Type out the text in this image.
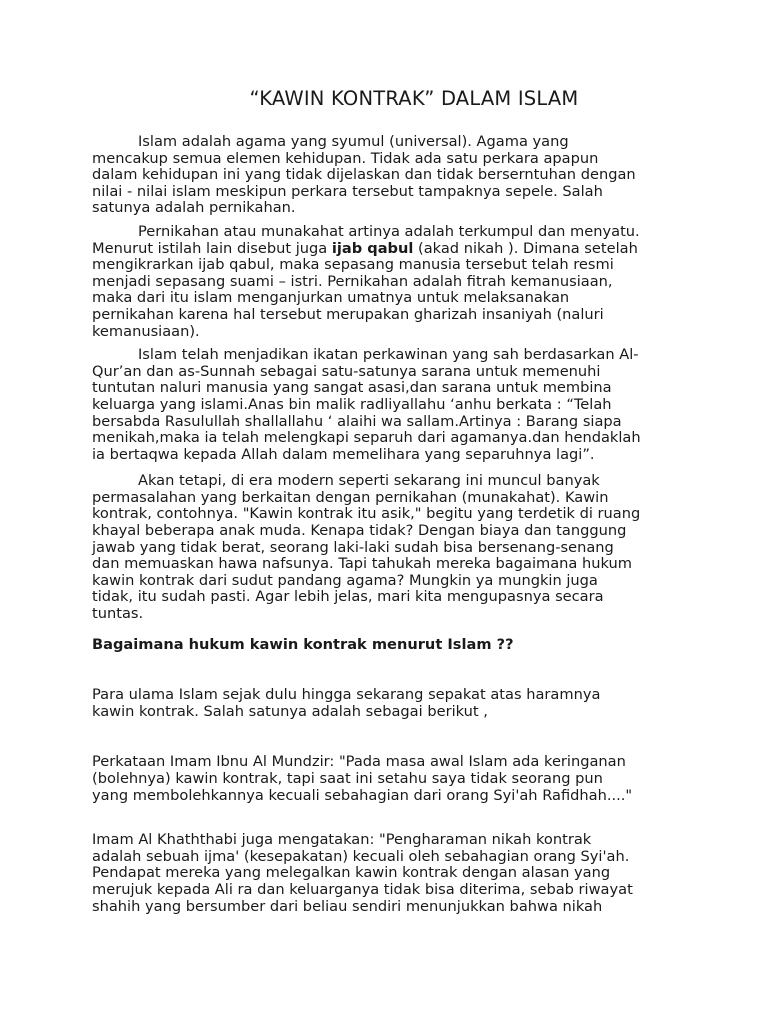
“KAWIN KONTRAK” DALAM ISLAM

Islam adalah agama yang syumul (universal). Agama yang
mencakup semua elemen kehidupan. Tidak ada satu perkara apapun
dalam kehidupan ini yang tidak dijelaskan dan tidak berserntuhan dengan
nilai - nilai islam meskipun perkara tersebut tampaknya sepele. Salah
satunya adalah pernikahan.

Pernikahan atau munakahat artinya adalah terkumpul dan menyatu.
Menurut istilah lain disebut juga ijab qabul (akad nikah ). Dimana setelah
mengikrarkan ijab qabul, maka sepasang manusia tersebut telah resmi
menjadi sepasang suami – istri. Pernikahan adalah fitrah kemanusiaan,
maka dari itu islam menganjurkan umatnya untuk melaksanakan
pernikahan karena hal tersebut merupakan gharizah insaniyah (naluri
kemanusiaan).

Islam telah menjadikan ikatan perkawinan yang sah berdasarkan Al-
Qur’an dan as-Sunnah sebagai satu-satunya sarana untuk memenuhi
tuntutan naluri manusia yang sangat asasi,dan sarana untuk membina
keluarga yang islami.Anas bin malik radliyallahu ‘anhu berkata : “Telah
bersabda Rasulullah shallallahu ‘ alaihi wa sallam.Artinya : Barang siapa
menikah,maka ia telah melengkapi separuh dari agamanya.dan hendaklah
ia bertaqwa kepada Allah dalam memelihara yang separuhnya lagi”.

Akan tetapi, di era modern seperti sekarang ini muncul banyak
permasalahan yang berkaitan dengan pernikahan (munakahat). Kawin
kontrak, contohnya. "Kawin kontrak itu asik," begitu yang terdetik di ruang
khayal beberapa anak muda. Kenapa tidak? Dengan biaya dan tanggung
jawab yang tidak berat, seorang laki-laki sudah bisa bersenang-senang
dan memuaskan hawa nafsunya. Tapi tahukah mereka bagaimana hukum
kawin kontrak dari sudut pandang agama? Mungkin ya mungkin juga
tidak, itu sudah pasti. Agar lebih jelas, mari kita mengupasnya secara
tuntas.

Bagaimana hukum kawin kontrak menurut Islam ??

Para ulama Islam sejak dulu hingga sekarang sepakat atas haramnya
kawin kontrak. Salah satunya adalah sebagai berikut ,

Perkataan Imam Ibnu Al Mundzir: "Pada masa awal Islam ada keringanan
(bolehnya) kawin kontrak, tapi saat ini setahu saya tidak seorang pun
yang membolehkannya kecuali sebahagian dari orang Syi'ah Rafidhah...."

Imam Al Khaththabi juga mengatakan: "Pengharaman nikah kontrak
adalah sebuah ijma' (kesepakatan) kecuali oleh sebahagian orang Syi'ah.
Pendapat mereka yang melegalkan kawin kontrak dengan alasan yang
merujuk kepada Ali ra dan keluarganya tidak bisa diterima, sebab riwayat
shahih yang bersumber dari beliau sendiri menunjukkan bahwa nikah
